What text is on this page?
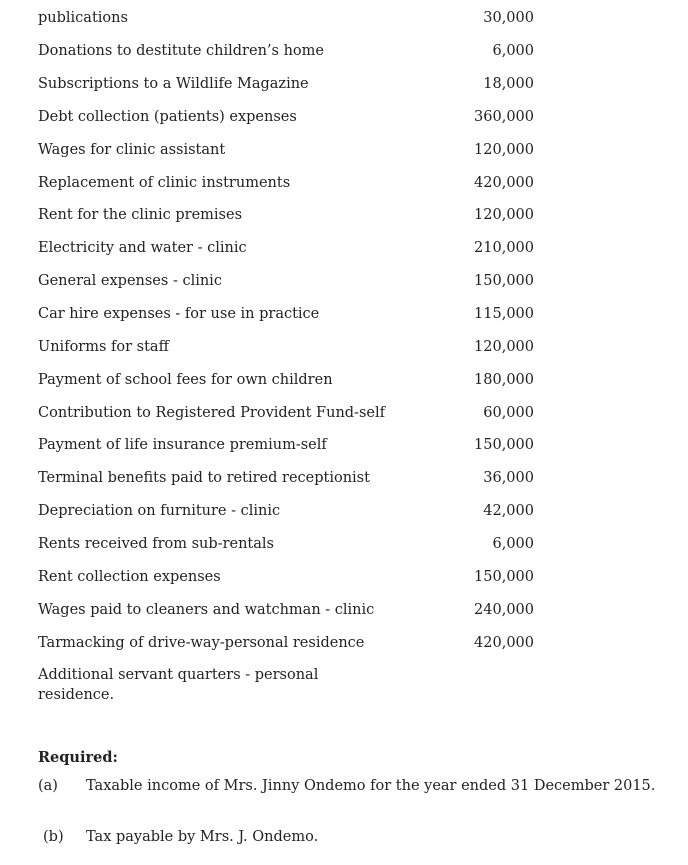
publications	30,000
Donations to destitute children’s home	6,000
Subscriptions to a Wildlife Magazine	18,000
Debt collection (patients) expenses	360,000
Wages for clinic assistant	120,000
Replacement of clinic instruments	420,000
Rent for the clinic premises	120,000
Electricity and water - clinic	210,000
General expenses - clinic	150,000
Car hire expenses - for use in practice	115,000
Uniforms for staff	120,000
Payment of school fees for own children	180,000
Contribution to Registered Provident Fund-self	60,000
Payment of life insurance premium-self	150,000
Terminal benefits paid to retired receptionist	36,000
Depreciation on furniture - clinic	42,000
Rents received from sub-rentals	6,000
Rent collection expenses	150,000
Wages paid to cleaners and watchman - clinic	240,000
Tarmacking of drive-way-personal residence	420,000
Additional servant quarters - personal residence.
Required:
(a) Taxable income of Mrs. Jinny Ondemo for the year ended 31 December 2015.
(b) Tax payable by Mrs. J. Ondemo.
